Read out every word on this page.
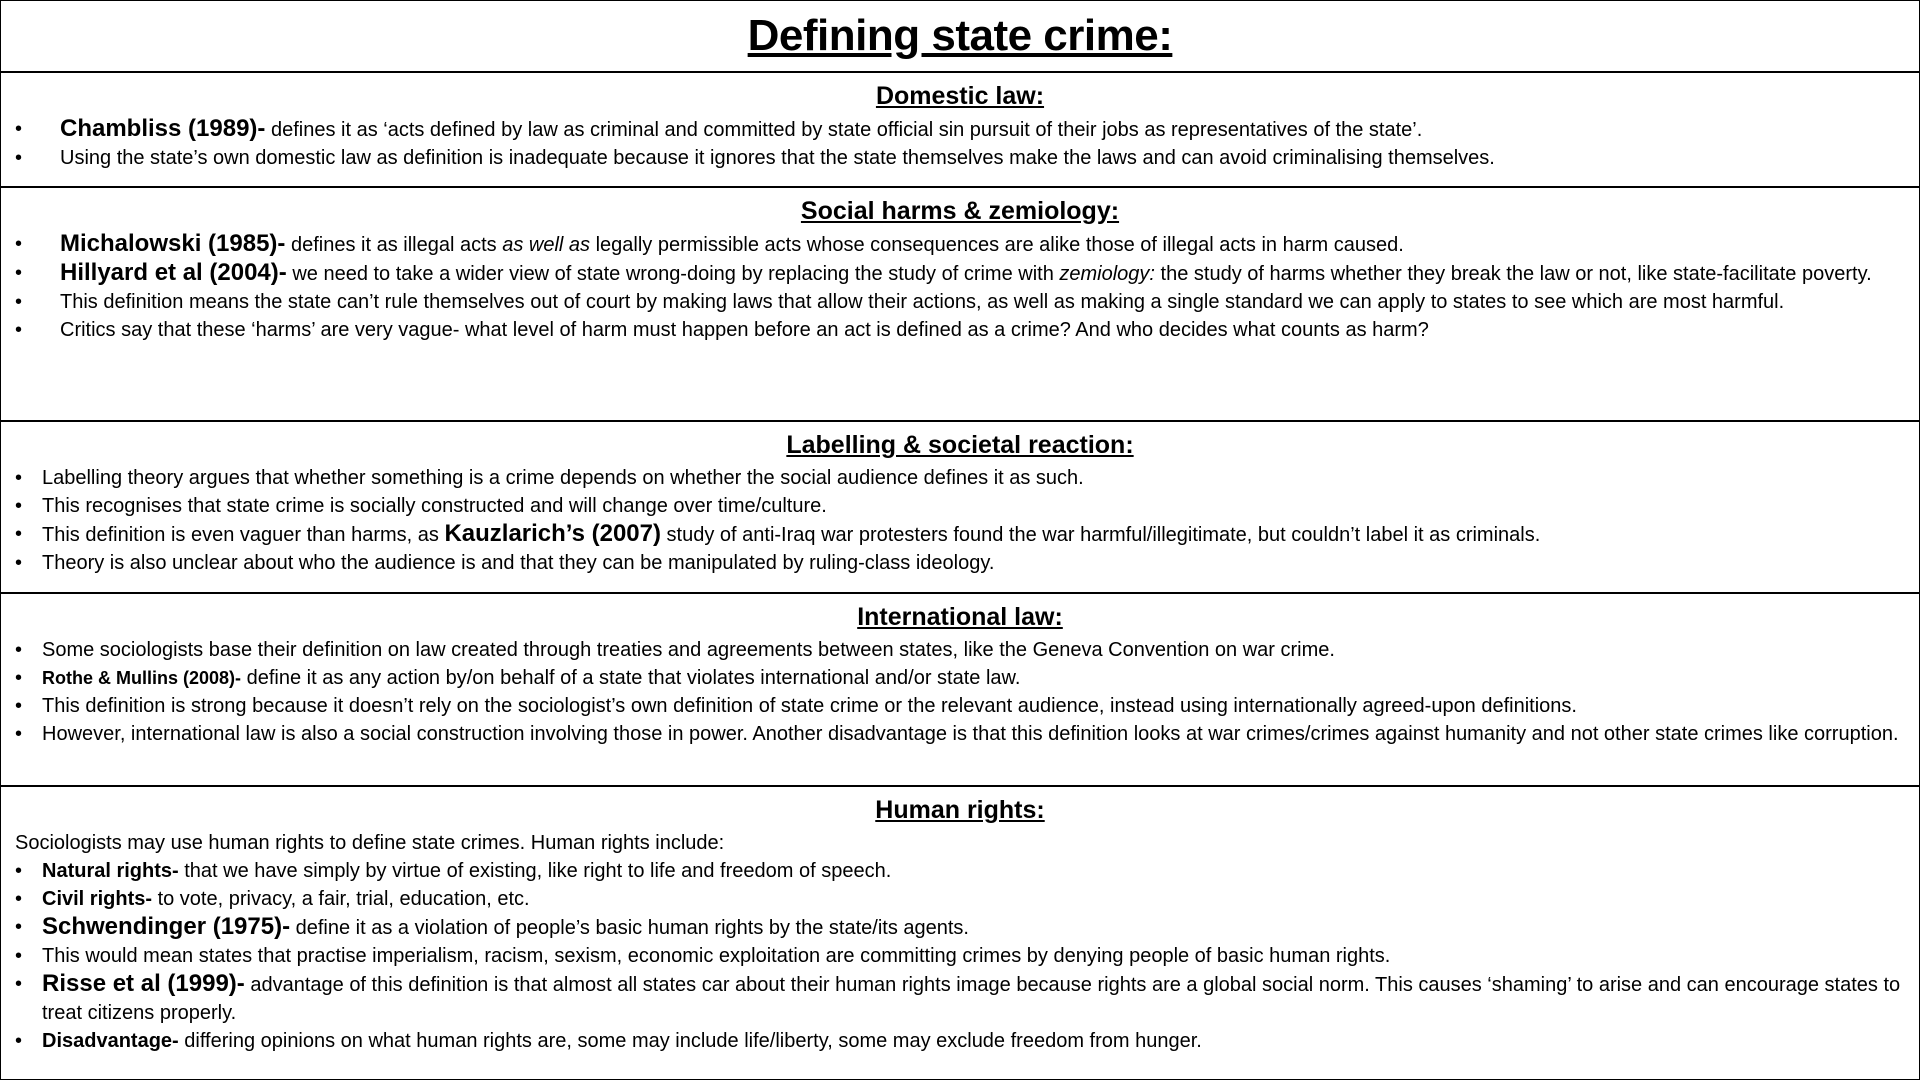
Defining state crime:
Domestic law:
• Chambliss (1989)- defines it as ‘acts defined by law as criminal and committed by state official sin pursuit of their jobs as representatives of the state’.
• Using the state’s own domestic law as definition is inadequate because it ignores that the state themselves make the laws and can avoid criminalising themselves.
Social harms & zemiology:
• Michalowski (1985)- defines it as illegal acts as well as legally permissible acts whose consequences are alike those of illegal acts in harm caused.
• Hillyard et al (2004)- we need to take a wider view of state wrong-doing by replacing the study of crime with zemiology: the study of harms whether they break the law or not, like state-facilitate poverty.
• This definition means the state can’t rule themselves out of court by making laws that allow their actions, as well as making a single standard we can apply to states to see which are most harmful.
• Critics say that these ‘harms’ are very vague- what level of harm must happen before an act is defined as a crime? And who decides what counts as harm?
Labelling & societal reaction:
• Labelling theory argues that whether something is a crime depends on whether the social audience defines it as such.
• This recognises that state crime is socially constructed and will change over time/culture.
• This definition is even vaguer than harms, as Kauzlarich’s (2007) study of anti-Iraq war protesters found the war harmful/illegitimate, but couldn’t label it as criminals.
• Theory is also unclear about who the audience is and that they can be manipulated by ruling-class ideology.
International law:
• Some sociologists base their definition on law created through treaties and agreements between states, like the Geneva Convention on war crime.
• Rothe & Mullins (2008)- define it as any action by/on behalf of a state that violates international and/or state law.
• This definition is strong because it doesn’t rely on the sociologist’s own definition of state crime or the relevant audience, instead using internationally agreed-upon definitions.
• However, international law is also a social construction involving those in power. Another disadvantage is that this definition looks at war crimes/crimes against humanity and not other state crimes like corruption.
Human rights:

Sociologists may use human rights to define state crimes. Human rights include:

• Natural rights- that we have simply by virtue of existing, like right to life and freedom of speech.
• Civil rights- to vote, privacy, a fair, trial, education, etc.
• Schwendinger (1975)- define it as a violation of people’s basic human rights by the state/its agents.
• This would mean states that practise imperialism, racism, sexism, economic exploitation are committing crimes by denying people of basic human rights.
• Risse et al (1999)- advantage of this definition is that almost all states car about their human rights image because rights are a global social norm. This causes ‘shaming’ to arise and can encourage states to treat citizens properly.
• Disadvantage- differing opinions on what human rights are, some may include life/liberty, some may exclude freedom from hunger.
